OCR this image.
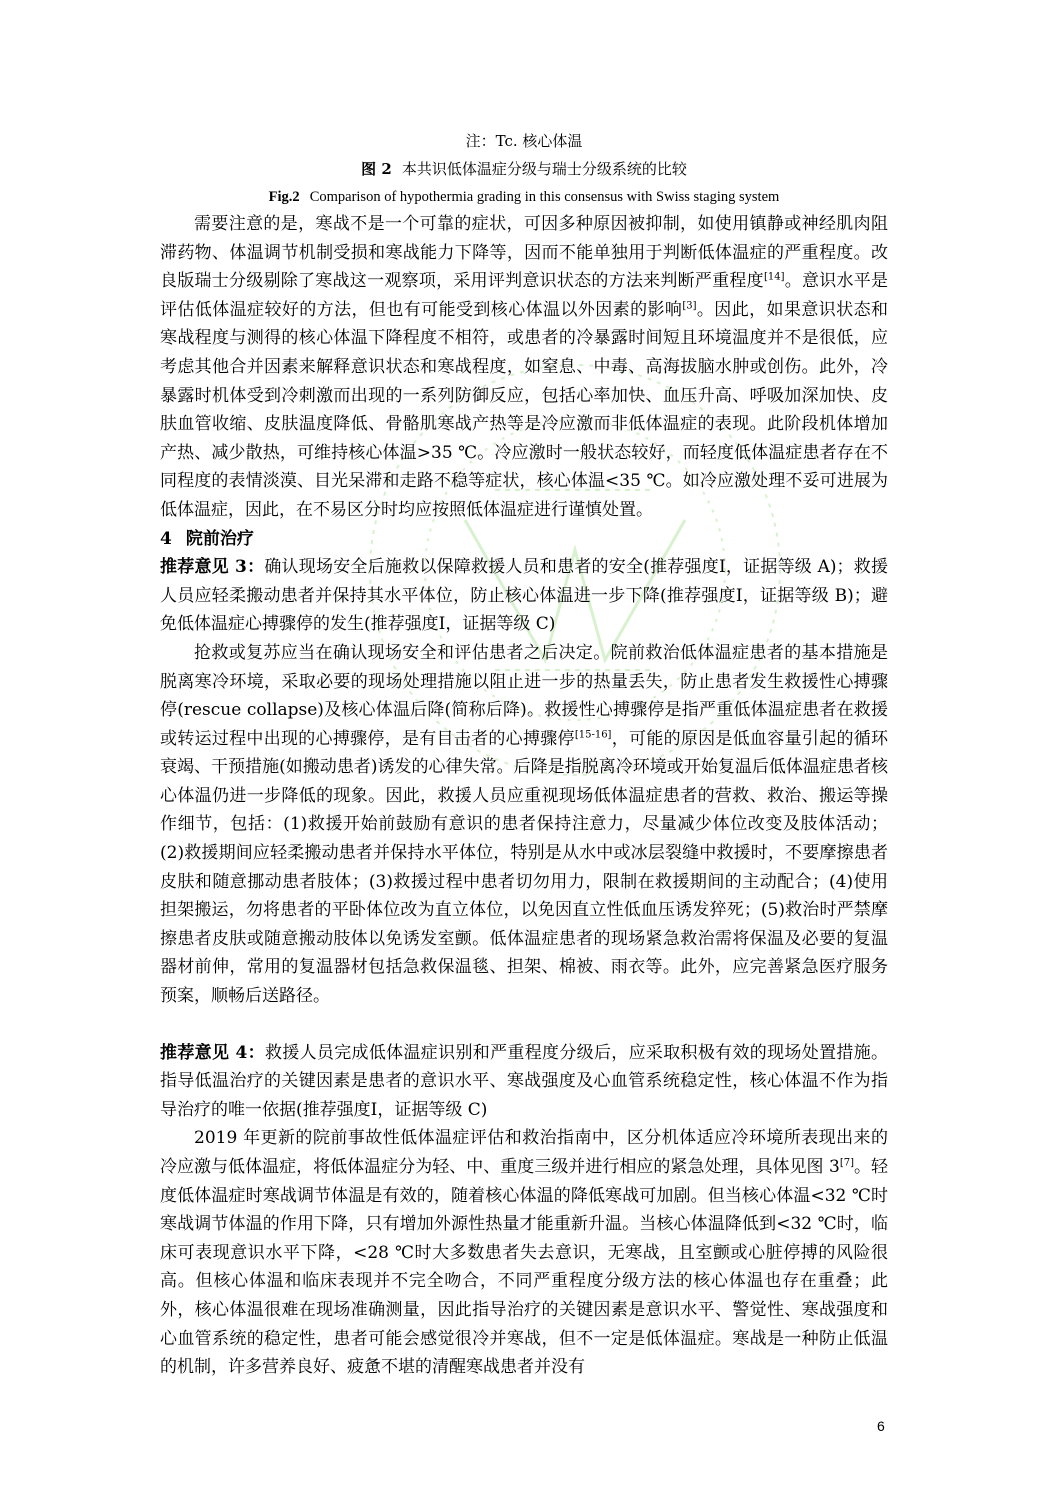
注：Tc. 核心体温
图 2 本共识低体温症分级与瑞士分级系统的比较
Fig.2 Comparison of hypothermia grading in this consensus with Swiss staging system

需要注意的是，寒战不是一个可靠的症状，可因多种原因被抑制，如使用镇静或神经肌肉阻滞药物、体温调节机制受损和寒战能力下降等，因而不能单独用于判断低体温症的严重程度。改良版瑞士分级剔除了寒战这一观察项，采用评判意识状态的方法来判断严重程度[14]。意识水平是评估低体温症较好的方法，但也有可能受到核心体温以外因素的影响[3]。因此，如果意识状态和寒战程度与测得的核心体温下降程度不相符，或患者的冷暴露时间短且环境温度并不是很低，应考虑其他合并因素来解释意识状态和寒战程度，如窒息、中毒、高海拔脑水肿或创伤。此外，冷暴露时机体受到冷刺激而出现的一系列防御反应，包括心率加快、血压升高、呼吸加深加快、皮肤血管收缩、皮肤温度降低、骨骼肌寒战产热等是冷应激而非低体温症的表现。此阶段机体增加产热、减少散热，可维持核心体温>35 ℃。冷应激时一般状态较好，而轻度低体温症患者存在不同程度的表情淡漠、目光呆滞和走路不稳等症状，核心体温<35 ℃。如冷应激处理不妥可进展为低体温症，因此，在不易区分时均应按照低体温症进行谨慎处置。

4 院前治疗

推荐意见 3：确认现场安全后施救以保障救援人员和患者的安全(推荐强度Ⅰ，证据等级 A)；救援人员应轻柔搬动患者并保持其水平体位，防止核心体温进一步下降(推荐强度Ⅰ，证据等级 B)；避免低体温症心搏骤停的发生(推荐强度Ⅰ，证据等级 C)

抢救或复苏应当在确认现场安全和评估患者之后决定。院前救治低体温症患者的基本措施是脱离寒冷环境，采取必要的现场处理措施以阻止进一步的热量丢失，防止患者发生救援性心搏骤停(rescue collapse)及核心体温后降(简称后降)。救援性心搏骤停是指严重低体温症患者在救援或转运过程中出现的心搏骤停，是有目击者的心搏骤停[15-16]，可能的原因是低血容量引起的循环衰竭、干预措施(如搬动患者)诱发的心律失常。后降是指脱离冷环境或开始复温后低体温症患者核心体温仍进一步降低的现象。因此，救援人员应重视现场低体温症患者的营救、救治、搬运等操作细节，包括：(1)救援开始前鼓励有意识的患者保持注意力，尽量减少体位改变及肢体活动；(2)救援期间应轻柔搬动患者并保持水平体位，特别是从水中或冰层裂缝中救援时，不要摩擦患者皮肤和随意挪动患者肢体；(3)救援过程中患者切勿用力，限制在救援期间的主动配合；(4)使用担架搬运，勿将患者的平卧体位改为直立体位，以免因直立性低血压诱发猝死；(5)救治时严禁摩擦患者皮肤或随意搬动肢体以免诱发室颤。低体温症患者的现场紧急救治需将保温及必要的复温器材前伸，常用的复温器材包括急救保温毯、担架、棉被、雨衣等。此外，应完善紧急医疗服务预案，顺畅后送路径。

推荐意见 4：救援人员完成低体温症识别和严重程度分级后，应采取积极有效的现场处置措施。指导低温治疗的关键因素是患者的意识水平、寒战强度及心血管系统稳定性，核心体温不作为指导治疗的唯一依据(推荐强度Ⅰ，证据等级 C)

2019 年更新的院前事故性低体温症评估和救治指南中，区分机体适应冷环境所表现出来的冷应激与低体温症，将低体温症分为轻、中、重度三级并进行相应的紧急处理，具体见图 3[7]。轻度低体温症时寒战调节体温是有效的，随着核心体温的降低寒战可加剧。但当核心体温<32 ℃时寒战调节体温的作用下降，只有增加外源性热量才能重新升温。当核心体温降低到<32 ℃时，临床可表现意识水平下降，<28 ℃时大多数患者失去意识，无寒战，且室颤或心脏停搏的风险很高。但核心体温和临床表现并不完全吻合，不同严重程度分级方法的核心体温也存在重叠；此外，核心体温很难在现场准确测量，因此指导治疗的关键因素是意识水平、警觉性、寒战强度和心血管系统的稳定性，患者可能会感觉很冷并寒战，但不一定是低体温症。寒战是一种防止低温的机制，许多营养良好、疲惫不堪的清醒寒战患者并没有

6
